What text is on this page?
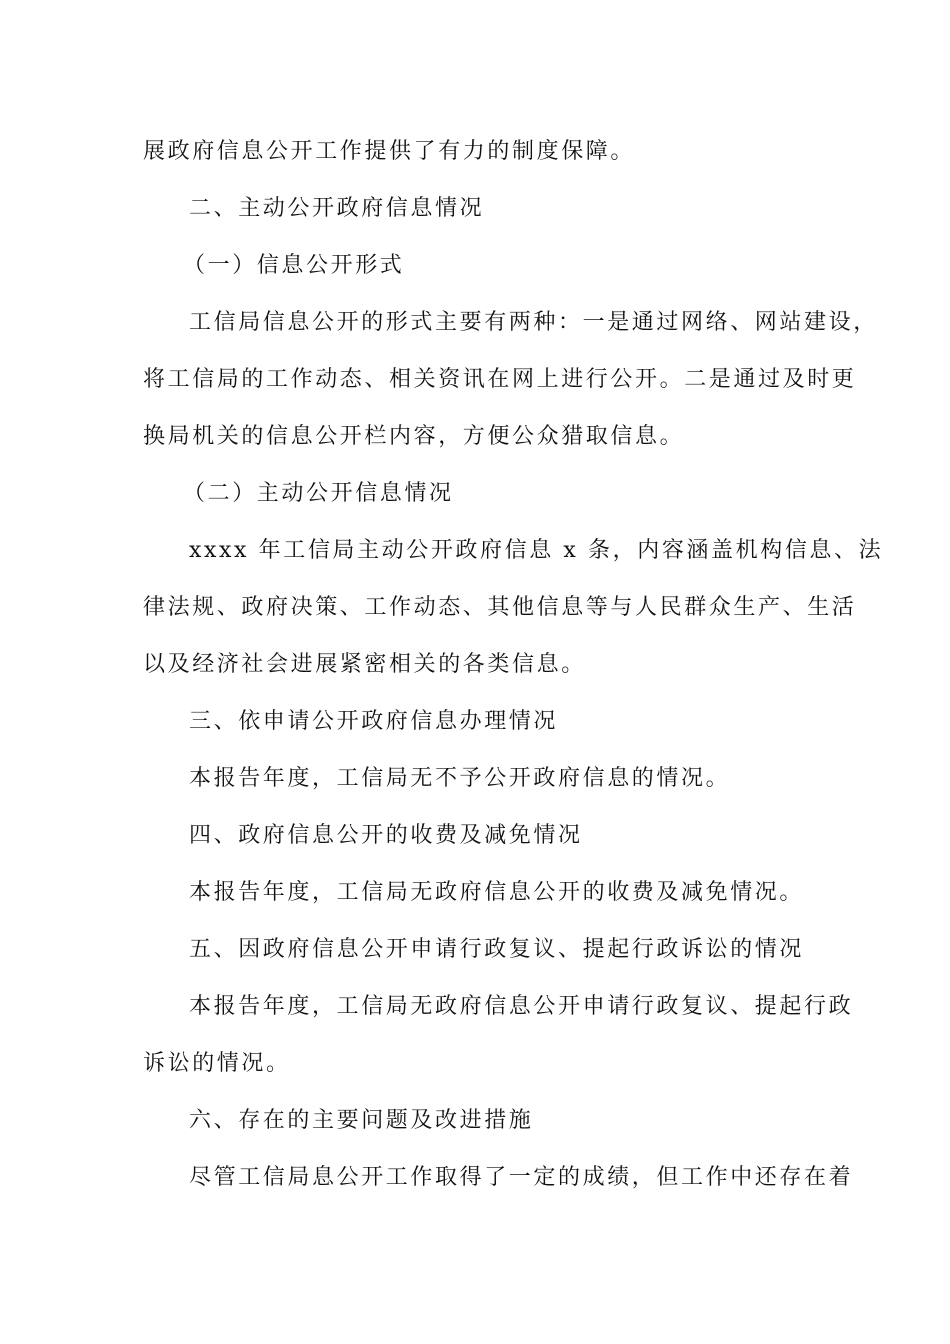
展政府信息公开工作提供了有力的制度保障。
二、主动公开政府信息情况
（一）信息公开形式
工信局信息公开的形式主要有两种：一是通过网络、网站建设，
将工信局的工作动态、相关资讯在网上进行公开。二是通过及时更
换局机关的信息公开栏内容，方便公众猎取信息。
（二）主动公开信息情况
xxxx 年工信局主动公开政府信息 x 条，内容涵盖机构信息、法
律法规、政府决策、工作动态、其他信息等与人民群众生产、生活
以及经济社会进展紧密相关的各类信息。
三、依申请公开政府信息办理情况
本报告年度，工信局无不予公开政府信息的情况。
四、政府信息公开的收费及减免情况
本报告年度，工信局无政府信息公开的收费及减免情况。
五、因政府信息公开申请行政复议、提起行政诉讼的情况
本报告年度，工信局无政府信息公开申请行政复议、提起行政
诉讼的情况。
六、存在的主要问题及改进措施
尽管工信局息公开工作取得了一定的成绩，但工作中还存在着
